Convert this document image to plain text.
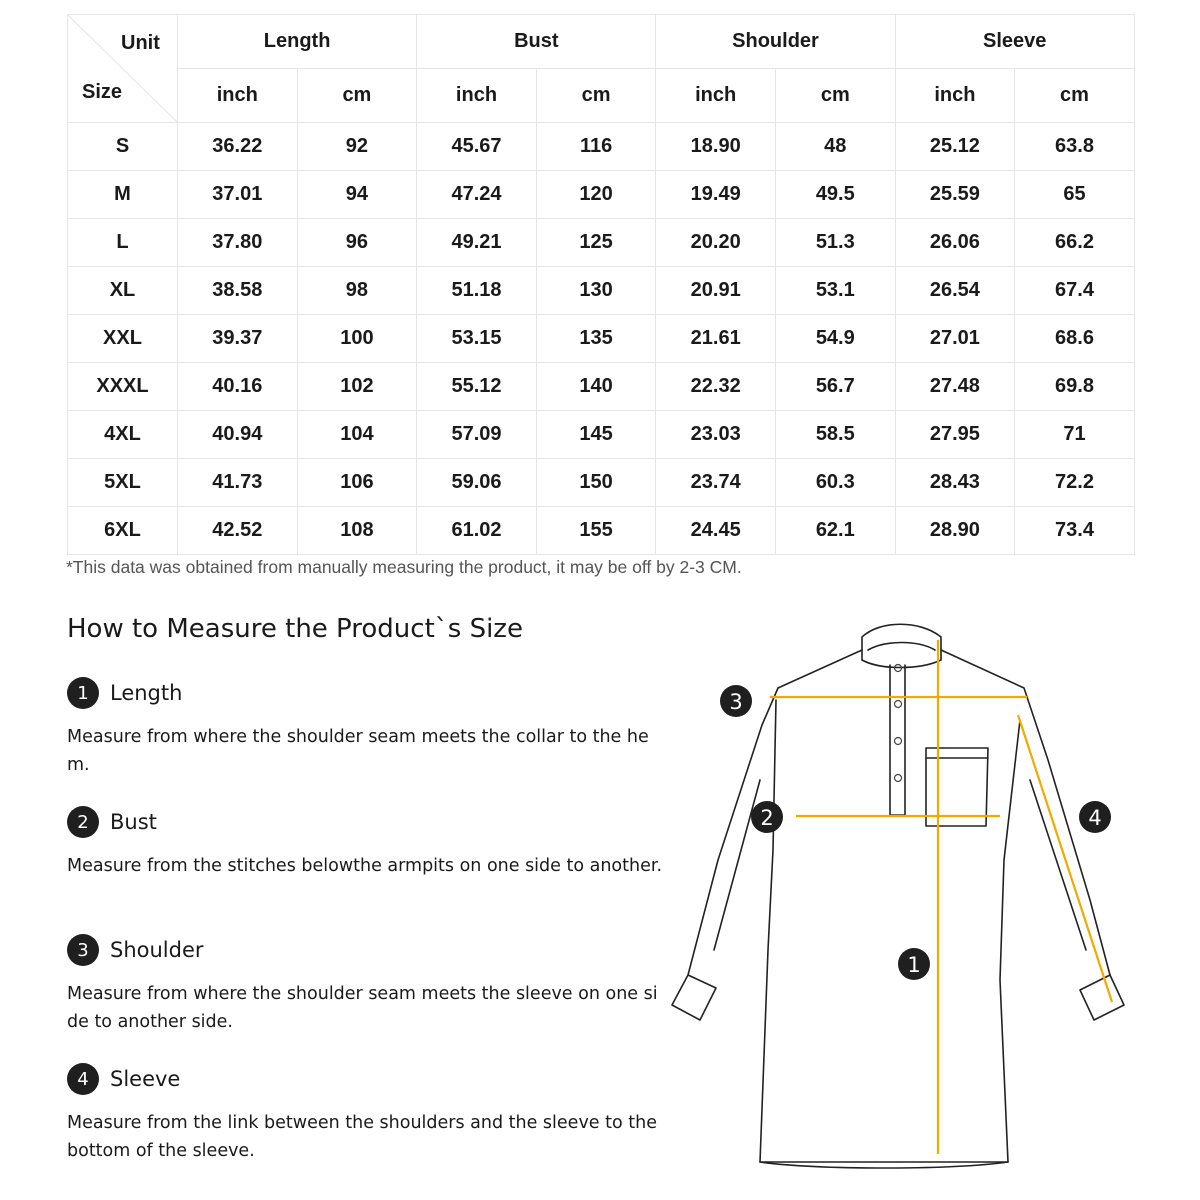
Unit
Size	Length		Bust		Shoulder		Sleeve	
	inch	cm	inch	cm	inch	cm	inch	cm
S	36.22	92	45.67	116	18.90	48	25.12	63.8
M	37.01	94	47.24	120	19.49	49.5	25.59	65
L	37.80	96	49.21	125	20.20	51.3	26.06	66.2
XL	38.58	98	51.18	130	20.91	53.1	26.54	67.4
XXL	39.37	100	53.15	135	21.61	54.9	27.01	68.6
XXXL	40.16	102	55.12	140	22.32	56.7	27.48	69.8
4XL	40.94	104	57.09	145	23.03	58.5	27.95	71
5XL	41.73	106	59.06	150	23.74	60.3	28.43	72.2
6XL	42.52	108	61.02	155	24.45	62.1	28.90	73.4
*This data was obtained from manually measuring the product, it may be off by 2-3 CM.
How to Measure the Product`s Size
1	Length

Measure from where the shoulder seam meets the collar to the hem.

2	Bust

Measure from the stitches belowthe armpits on one side to another.

3	Shoulder

Measure from where the shoulder seam meets the sleeve on one side to another side.

4	Sleeve

Measure from the link between the shoulders and the sleeve to the bottom of the sleeve.

3
2	4
1
